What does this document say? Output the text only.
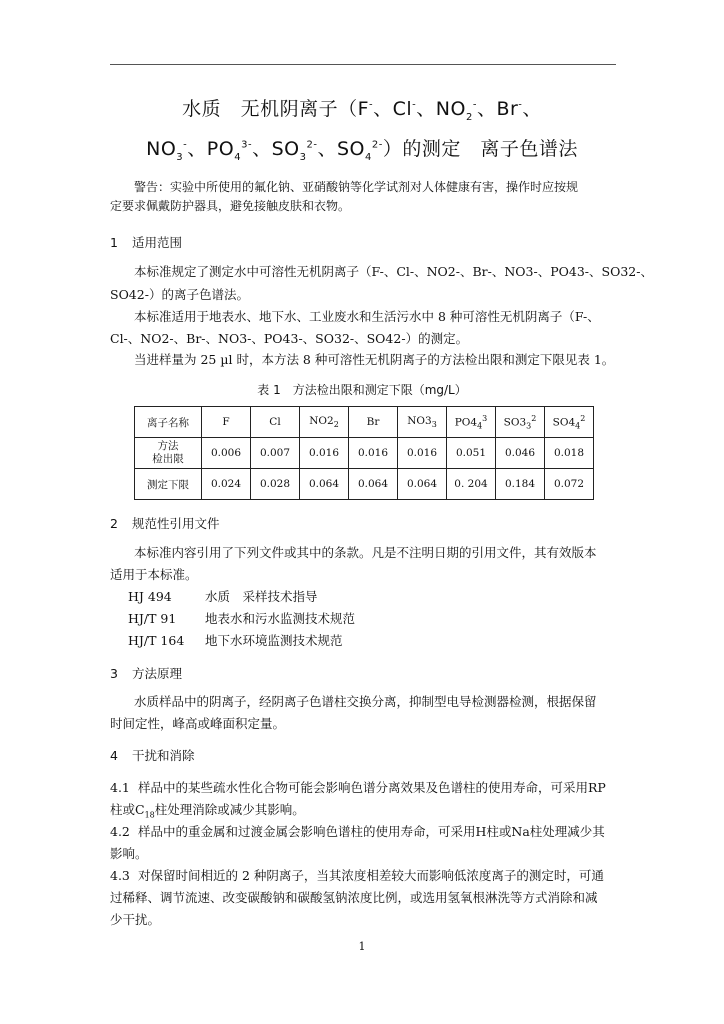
水质　无机阴离子（F-、Cl-、$NO_2^-$、Br-、
$NO_3^-$、$PO_4^{3-}$、$SO_3^{2-}$、$SO_4^{2-}$）的测定　离子色谱法
　　警告：实验中所使用的氟化钠、亚硝酸钠等化学试剂对人体健康有害，操作时应按规
定要求佩戴防护器具，避免接触皮肤和衣物。
1 适用范围
本标准规定了测定水中可溶性无机阴离子（F-、Cl-、NO2-、Br-、NO3-、PO43-、SO32-、
SO42-）的离子色谱法。
本标准适用于地表水、地下水、工业废水和生活污水中 8 种可溶性无机阴离子（F-、
Cl-、NO2-、Br-、NO3-、PO43-、SO32-、SO42-）的测定。
当进样量为 25 µl 时，本方法 8 种可溶性无机阴离子的方法检出限和测定下限见表 1。
表 1　方法检出限和测定下限（mg/L）
离子名称	F	Cl	$NO2_2$	Br	$NO3_3$	$PO4_4^3$	$SO3_3^2$	$SO4_4^2$

方法
检出限	0.006	0.007	0.016	0.016	0.016	0.051	0.046	0.018
测定下限	0.024	0.028	0.064	0.064	0.064	0. 204	0.184	0.072
2 规范性引用文件
本标准内容引用了下列文件或其中的条款。凡是不注明日期的引用文件，其有效版本
适用于本标准。
HJ 494	水质　采样技术指导
HJ/T 91 地表水和污水监测技术规范
HJ/T 164 地下水环境监测技术规范
3 方法原理
水质样品中的阴离子，经阴离子色谱柱交换分离，抑制型电导检测器检测，根据保留
时间定性，峰高或峰面积定量。
4 干扰和消除
4.1 样品中的某些疏水性化合物可能会影响色谱分离效果及色谱柱的使用寿命，可采用RP
柱或$C_{18}$柱处理消除或减少其影响。
4.2 样品中的重金属和过渡金属会影响色谱柱的使用寿命，可采用H柱或Na柱处理减少其
影响。
4.3 对保留时间相近的 2 种阴离子，当其浓度相差较大而影响低浓度离子的测定时，可通
过稀释、调节流速、改变碳酸钠和碳酸氢钠浓度比例，或选用氢氧根淋洗等方式消除和减
少干扰。
1
